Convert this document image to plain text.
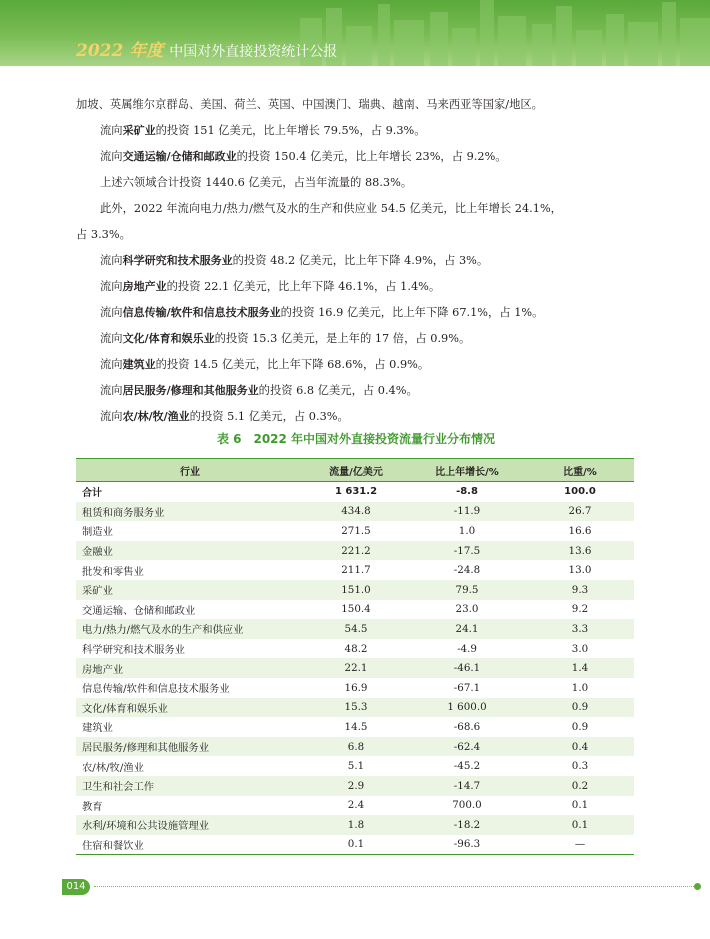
2022 年度 中国对外直接投资统计公报

加坡、英属维尔京群岛、美国、荷兰、英国、中国澳门、瑞典、越南、马来西亚等国家/地区。

流向采矿业的投资 151 亿美元，比上年增长 79.5%，占 9.3%。

流向交通运输/仓储和邮政业的投资 150.4 亿美元，比上年增长 23%，占 9.2%。

上述六领域合计投资 1440.6 亿美元，占当年流量的 88.3%。

此外，2022 年流向电力/热力/燃气及水的生产和供应业 54.5 亿美元，比上年增长 24.1%，

占 3.3%。

流向科学研究和技术服务业的投资 48.2 亿美元，比上年下降 4.9%，占 3%。

流向房地产业的投资 22.1 亿美元，比上年下降 46.1%，占 1.4%。

流向信息传输/软件和信息技术服务业的投资 16.9 亿美元，比上年下降 67.1%，占 1%。

流向文化/体育和娱乐业的投资 15.3 亿美元，是上年的 17 倍，占 0.9%。

流向建筑业的投资 14.5 亿美元，比上年下降 68.6%，占 0.9%。

流向居民服务/修理和其他服务业的投资 6.8 亿美元，占 0.4%。

流向农/林/牧/渔业的投资 5.1 亿美元，占 0.3%。

表 6　2022 年中国对外直接投资流量行业分布情况
行业	流量/亿美元	比上年增长/%	比重/%
合计	1 631.2	-8.8	100.0
租赁和商务服务业	434.8	-11.9	26.7
制造业	271.5	1.0	16.6
金融业	221.2	-17.5	13.6
批发和零售业	211.7	-24.8	13.0
采矿业	151.0	79.5	9.3
交通运输、仓储和邮政业	150.4	23.0	9.2
电力/热力/燃气及水的生产和供应业	54.5	24.1	3.3
科学研究和技术服务业	48.2	-4.9	3.0
房地产业	22.1	-46.1	1.4
信息传输/软件和信息技术服务业	16.9	-67.1	1.0
文化/体育和娱乐业	15.3	1 600.0	0.9
建筑业	14.5	-68.6	0.9
居民服务/修理和其他服务业	6.8	-62.4	0.4
农/林/牧/渔业	5.1	-45.2	0.3
卫生和社会工作	2.9	-14.7	0.2
教育	2.4	700.0	0.1
水利/环境和公共设施管理业	1.8	-18.2	0.1
住宿和餐饮业	0.1	-96.3	—
014
